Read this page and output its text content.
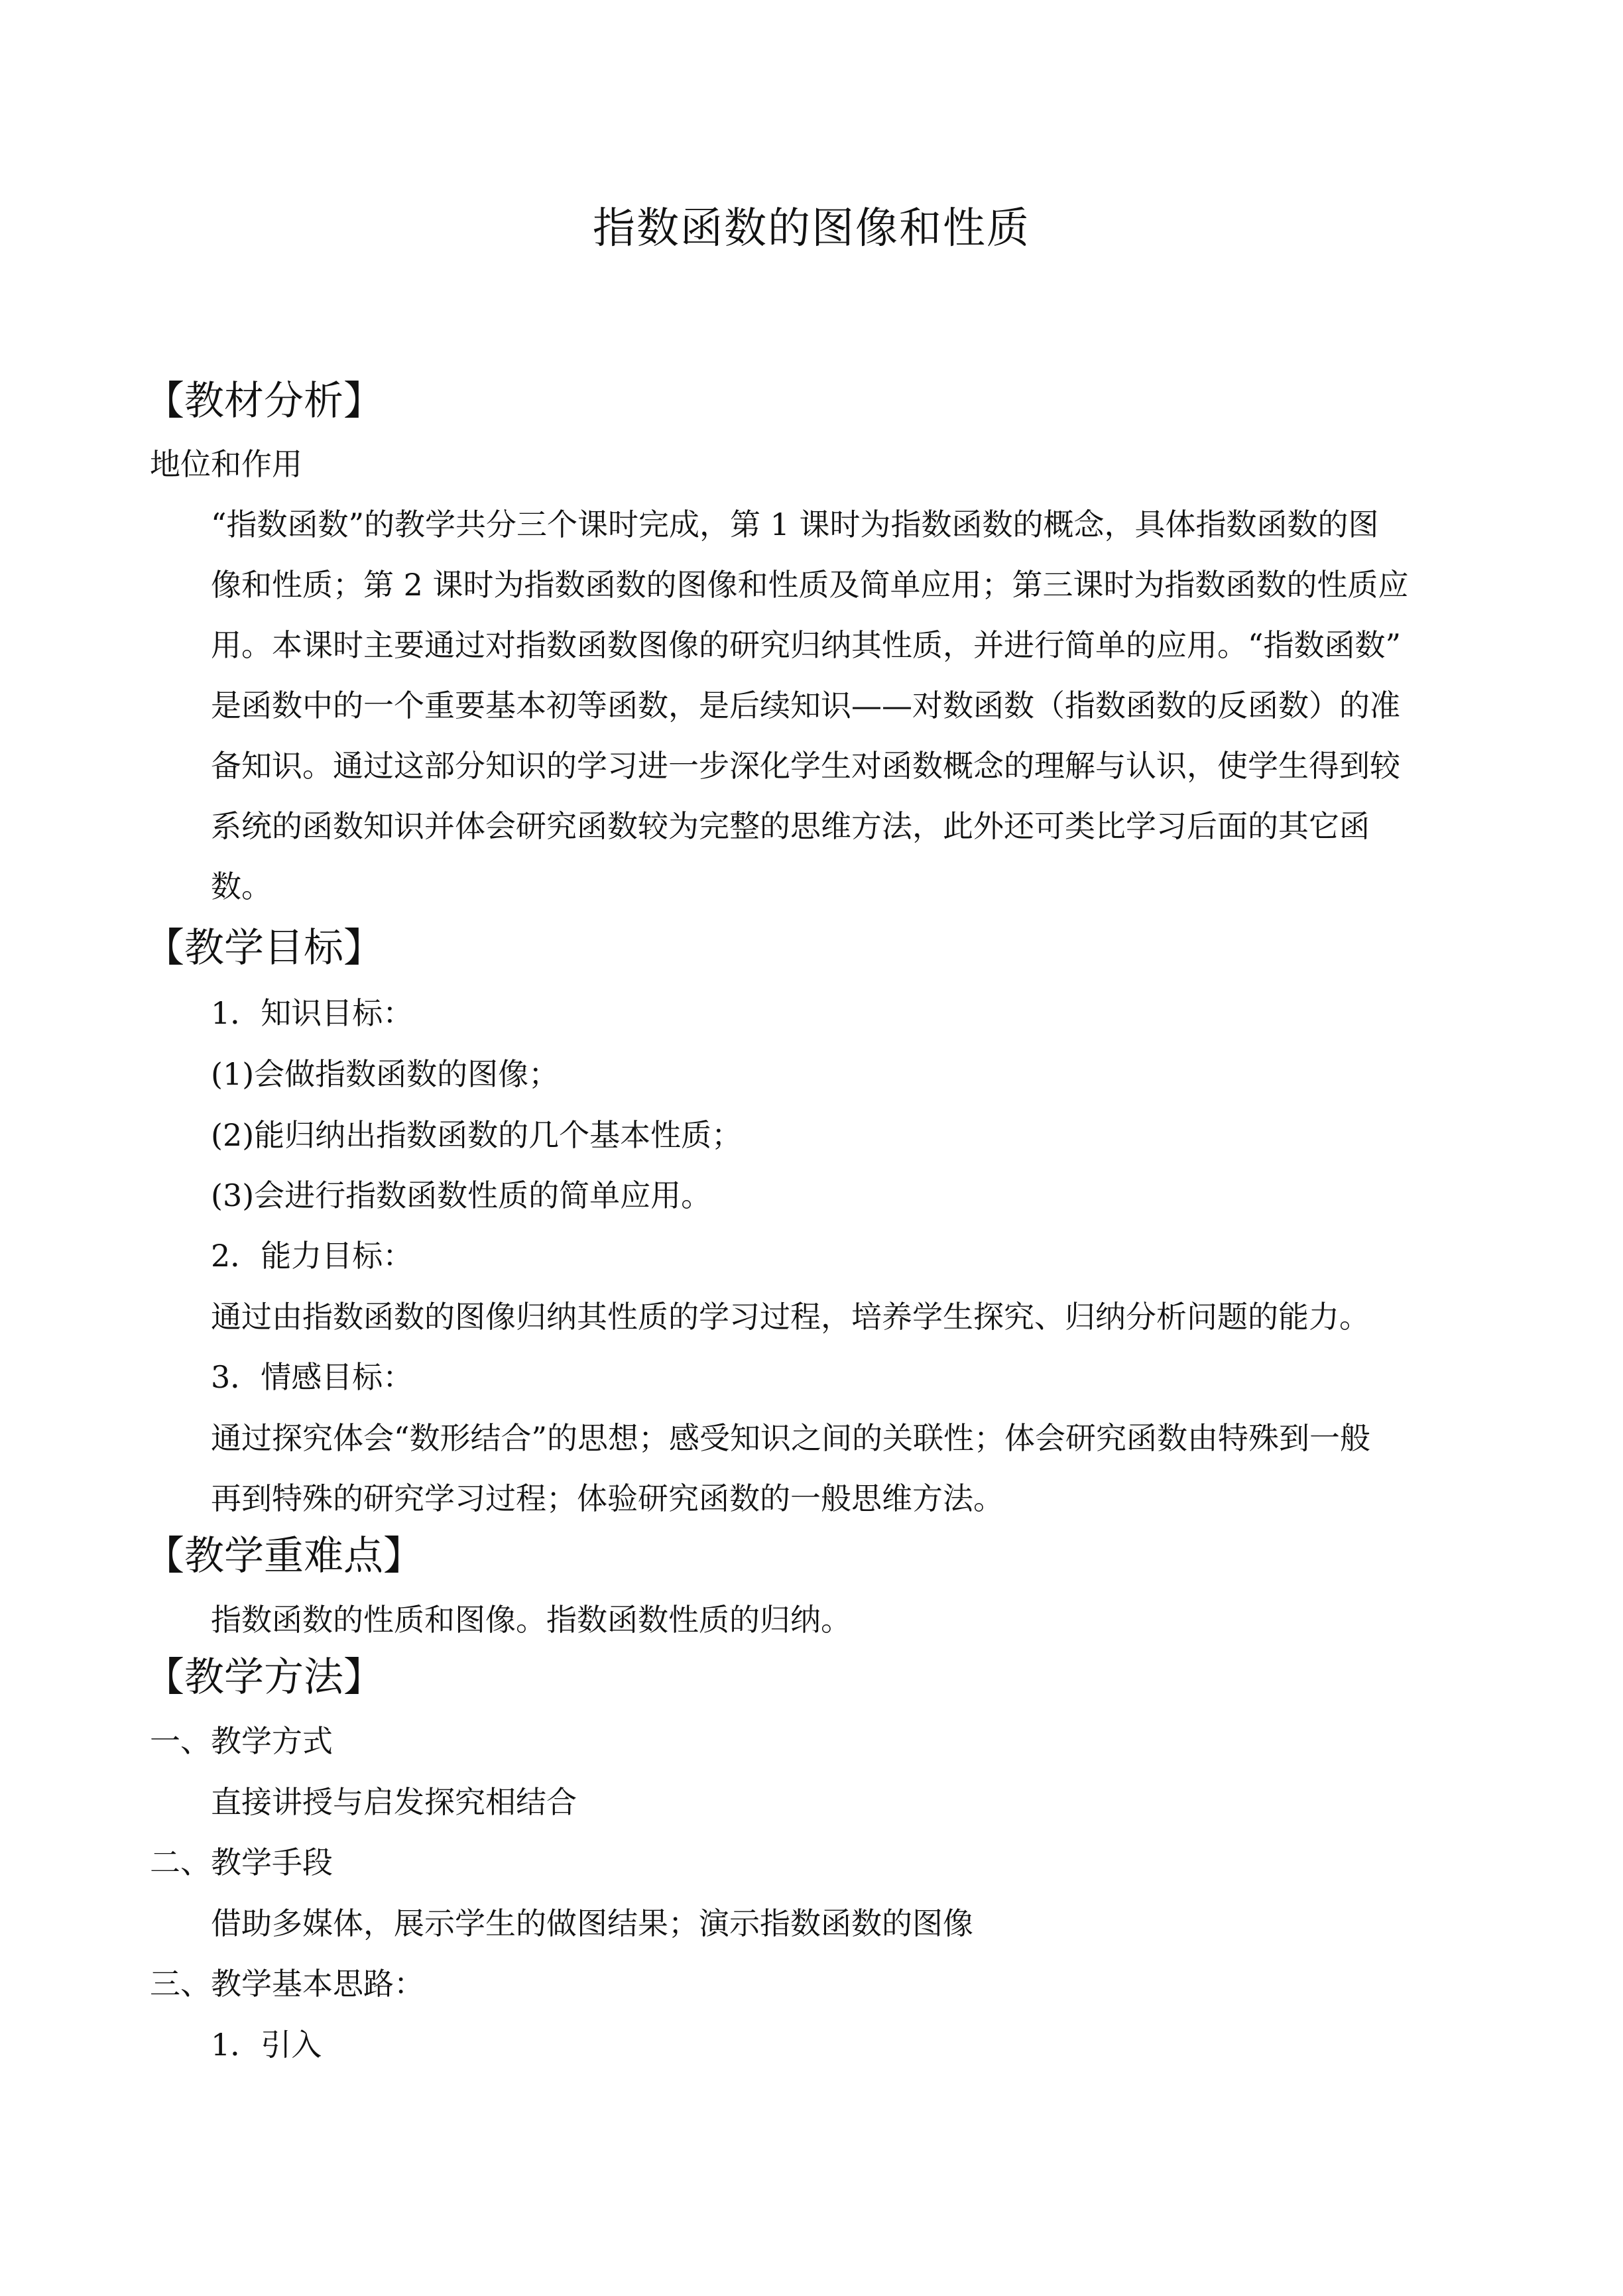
指数函数的图像和性质
【教材分析】
地位和作用
“指数函数”的教学共分三个课时完成，第 1 课时为指数函数的概念，具体指数函数的图
像和性质；第 2 课时为指数函数的图像和性质及简单应用；第三课时为指数函数的性质应
用。本课时主要通过对指数函数图像的研究归纳其性质，并进行简单的应用。“指数函数”
是函数中的一个重要基本初等函数，是后续知识——对数函数（指数函数的反函数）的准
备知识。通过这部分知识的学习进一步深化学生对函数概念的理解与认识，使学生得到较
系统的函数知识并体会研究函数较为完整的思维方法，此外还可类比学习后面的其它函
数。
【教学目标】
1．知识目标：
(1)会做指数函数的图像；
(2)能归纳出指数函数的几个基本性质；
(3)会进行指数函数性质的简单应用。
2．能力目标：
通过由指数函数的图像归纳其性质的学习过程，培养学生探究、归纳分析问题的能力。
3．情感目标：
通过探究体会“数形结合”的思想；感受知识之间的关联性；体会研究函数由特殊到一般
再到特殊的研究学习过程；体验研究函数的一般思维方法。
【教学重难点】
指数函数的性质和图像。指数函数性质的归纳。
【教学方法】
一、教学方式
直接讲授与启发探究相结合
二、教学手段
借助多媒体，展示学生的做图结果；演示指数函数的图像
三、教学基本思路：
1．引入
